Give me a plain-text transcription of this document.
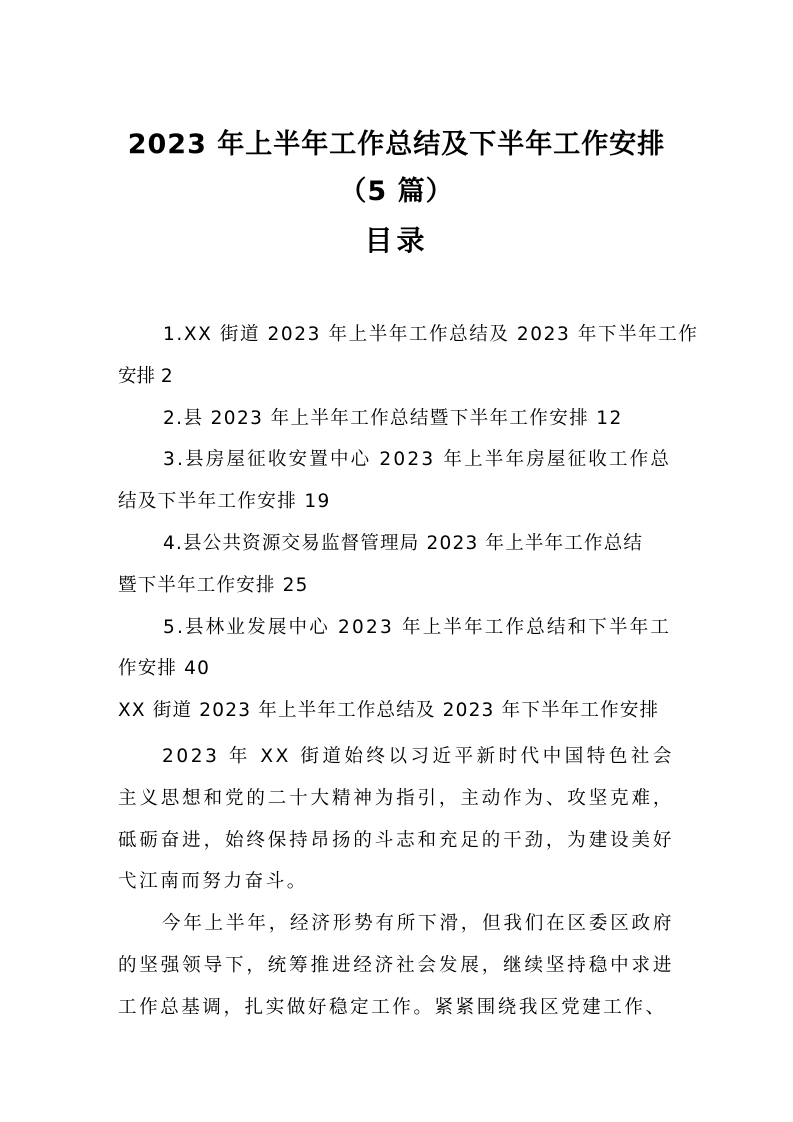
2023 年上半年工作总结及下半年工作安排
（5 篇）
目录
1.XX 街道 2023 年上半年工作总结及 2023 年下半年工作
安排 2
2.县 2023 年上半年工作总结暨下半年工作安排 12
3.县房屋征收安置中心 2023 年上半年房屋征收工作总
结及下半年工作安排 19
4.县公共资源交易监督管理局 2023 年上半年工作总结
暨下半年工作安排 25
5.县林业发展中心 2023 年上半年工作总结和下半年工
作安排 40
XX 街道 2023 年上半年工作总结及 2023 年下半年工作安排
2023 年 XX 街道始终以习近平新时代中国特色社会主义思想和党的二十大精神为指引，主动作为、攻坚克难，砥砺奋进，始终保持昂扬的斗志和充足的干劲，为建设美好弋江南而努力奋斗。
今年上半年，经济形势有所下滑，但我们在区委区政府的坚强领导下，统筹推进经济社会发展，继续坚持稳中求进工作总基调，扎实做好稳定工作。紧紧围绕我区党建工作、
